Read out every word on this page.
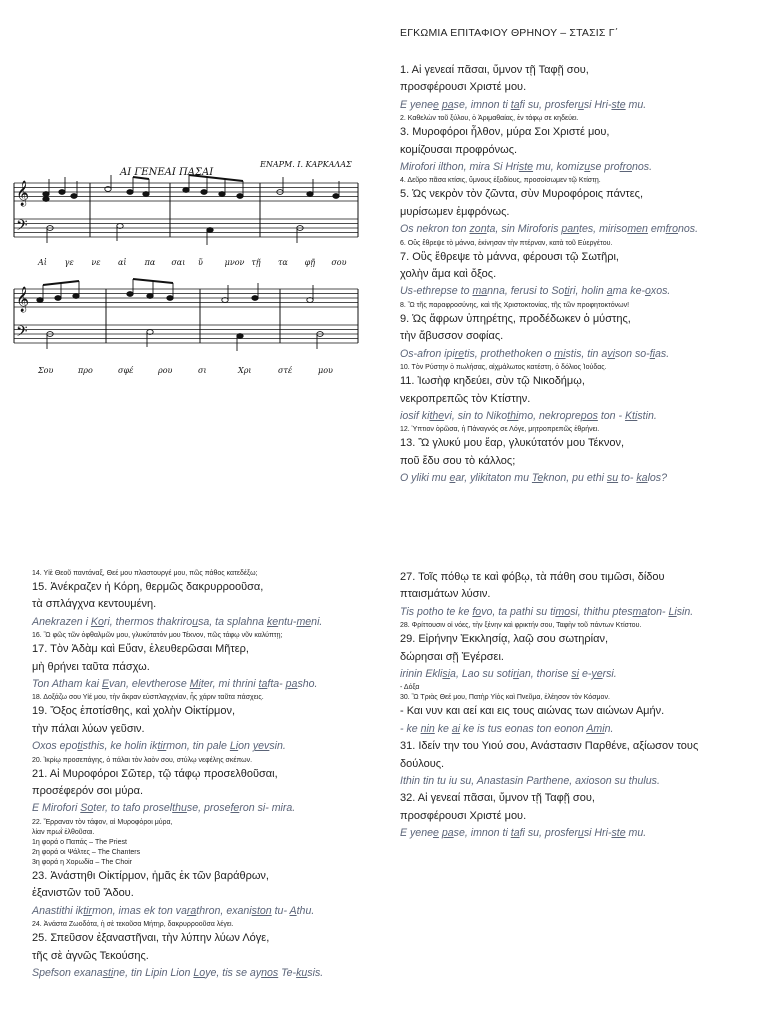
ΕΓΚΩΜΙΑ ΕΠΙΤΑΦΙΟΥ ΘΡΗΝΟΥ – ΣΤΑΣΙΣ Γ΄
𝄞
𝄢
𝄞
𝄢
ΑΙ ΓΕΝΕΑΙ ΠΑΣΑΙ
ΕΝΑΡΜ. Ι. ΚΑΡΚΑΛΑΣ
Αἱ γε νε αἱ πα σαι ὕ	μνον τῇ τα φῇ σου
Σου	προ	σφέ	ρου	σι	Χρι	στέ	μου
1. Αἱ γενεαί πᾶσαι, ὕμνον τῇ Ταφῇ σου,
προσφέρουσι Χριστέ μου.
E yenee pase, imnon ti tafi su, prosferusi Hri-ste mu.
2. Καθελὼν τοῦ ξύλου, ὁ Ἀριμαθαίας, ἐν τάφῳ σε κηδεύει.
3. Μυροφόροι ἦλθον, μύρα Σοι Χριστέ μου,
κομίζουσαι προφρόνως.
Mirofori ilthon, mira Si Hriste mu, komizuse profronos.
4. Δεῦρο πᾶσα κτίσις, ὕμνους ἐξοδίους, προσοίσωμεν τῷ Κτίστῃ.
5. Ὡς νεκρὸν τὸν ζῶντα, σὺν Μυροφόροις πάντες,
μυρίσωμεν ἐμφρόνως.
Os nekron ton zonta, sin Miroforis pantes, mirisomen emfronos.
6. Οὓς ἔθρεψε τὸ μάννα, ἐκίνησαν τὴν πτέρναν, κατὰ τοῦ Εὐεργέτου.
7. Οὓς ἔθρεψε τὸ μάννα, φέρουσι τῷ Σωτῆρι,
χολὴν ἅμα καὶ ὄξος.
Us-ethrepse to manna, ferusi to Sotiri, holin ama ke-oxos.
8. Ὢ τῆς παραφροσύνης, καὶ τῆς Χριστοκτονίας, τῆς τῶν προφητοκτόνων!
9. Ὡς ἄφρων ὑπηρέτης, προδέδωκεν ὁ μύστης,
τὴν ἄβυσσον σοφίας.
Os-afron ipiretis, prothethoken o mistis, tin avison so-fias.
10. Τὸν Ρύστην ὁ πωλήσας, αἰχμάλωτος κατέστη, ὁ δόλιος Ἰούδας.
11. Ἰωσὴφ κηδεύει, σὺν τῷ Νικοδήμῳ,
νεκροπρεπῶς τὸν Κτίστην.
iosif kithevi, sin to Nikothimo, nekroprepos ton - Ktistin.
12. Ὑπτιον ὁρῶσα, ἡ Πάναγνός σε Λόγε, μητροπρεπῶς ἐθρήνει.
13. Ὢ γλυκύ μου ἔαρ, γλυκύτατόν μου Τέκνον,
ποῦ ἔδυ σου τὸ κάλλος;
O yliki mu ear, ylikitaton mu Teknon, pu ethi su to- kalos?
14. Υἱὲ Θεοῦ παντάναξ, Θεέ μου πλαστουργέ μου, πῶς πάθος κατεδέξω;
15. Ἀνέκραζεν ἡ Κόρη, θερμῶς δακρυρροοῦσα,
τὰ σπλάγχνα κεντουμένη.
Anekrazen i Kori, thermos thakrirousa, ta splahna kentu-meni.
16. Ὢ φῶς τῶν ὀφθαλμῶν μου, γλυκύτατόν μου Τέκνον, πῶς τάφῳ νῦν καλύπτῃ;
17. Τὸν Ἀδὰμ καὶ Εὔαν, ἐλευθερῶσαι Μῆτερ,
μὴ θρήνει ταῦτα πάσχω.
Ton Atham kai Evan, elevtherose Miter, mi thrini tafta- pasho.
18. Δοξάζω σου Υἱέ μου, τὴν ἄκραν εὐσπλαγχνίαν, ἧς χάριν ταῦτα πάσχεις.
19. Ὄξος ἐποτίσθης, καὶ χολὴν Οἰκτίρμον,
τὴν πάλαι λύων γεῦσιν.
Oxos epotisthis, ke holin iktirmon, tin pale Lion yevsin.
20. Ἰκρίῳ προσεπάγης, ὁ πάλαι τὸν λαὸν σου, στύλῳ νεφέλης σκέπων.
21. Αἱ Μυροφόροι Σῶτερ, τῷ τάφῳ προσελθοῦσαι,
προσέφερόν σοι μύρα.
E Mirofori Soter, to tafo proselthuse, proseferon si- mira.
22. Ἔρραναν τὸν τάφον, αἱ Μυροφόροι μύρα,
λίαν πρωῒ ἐλθοῦσαι.
1η φορά ο Παπάς – The Priest
2η φορά οι Ψάλτες – The Chanters
3η φορά η Χορωδία – The Choir
23. Ἀνάστηθι Οἰκτίρμον, ἡμᾶς ἐκ τῶν βαράθρων,
ἐξανιστῶν τοῦ Ἅδου.
Anastithi iktirmon, imas ek ton varathron, exaniston tu- Athu.
24. Ἀνάστα Ζωοδότα, ἡ σὲ τεκοῦσα Μήτηρ, δακρυρροοῦσα λέγει.
25. Σπεῦσον ἐξαναστῆναι, τὴν λύπην λύων Λόγε,
τῆς σὲ ἁγνῶς Τεκούσης.
Spefson exanastine, tin Lipin Lion Loye, tis se aynos Te-kusis.
27. Τοῖς πόθῳ τε καὶ φόβῳ, τὰ πάθη σου τιμῶσι, δίδου
πταισμάτων λύσιν.
Tis potho te ke fovo, ta pathi su timosi, thithu ptesmaton- Lisin.
28. Φρίττουσιν οἱ νόες, τὴν ξένην καὶ φρικτήν σου, Ταφὴν τοῦ πάντων Κτίστου.
29. Εἰρήνην Ἐκκλησίᾳ, λαῷ σου σωτηρίαν,
δώρησαι σῇ Ἐγέρσει.
irinin Eklisia, Lao su sotirian, thorise si e-yersi.
- Δόξα
30. Ὢ Τριὰς Θεέ μου, Πατὴρ Υἱὸς καὶ Πνεῦμα, ἐλέησον τὸν Κόσμον.
- Και νυν και αεί και εις τους αιώνας των αιώνων Αμήν.
- ke nin ke ai ke is tus eonas ton eonon Amin.
31. Ιδείν την του Υιού σου, Ανάστασιν Παρθένε, αξίωσον τους
δούλους.
Ithin tin tu iu su, Anastasin Parthene, axioson su thulus.
32. Αἱ γενεαί πᾶσαι, ὕμνον τῇ Ταφῇ σου,
προσφέρουσι Χριστέ μου.
E yenee pase, imnon ti tafi su, prosferusi Hri-ste mu.
